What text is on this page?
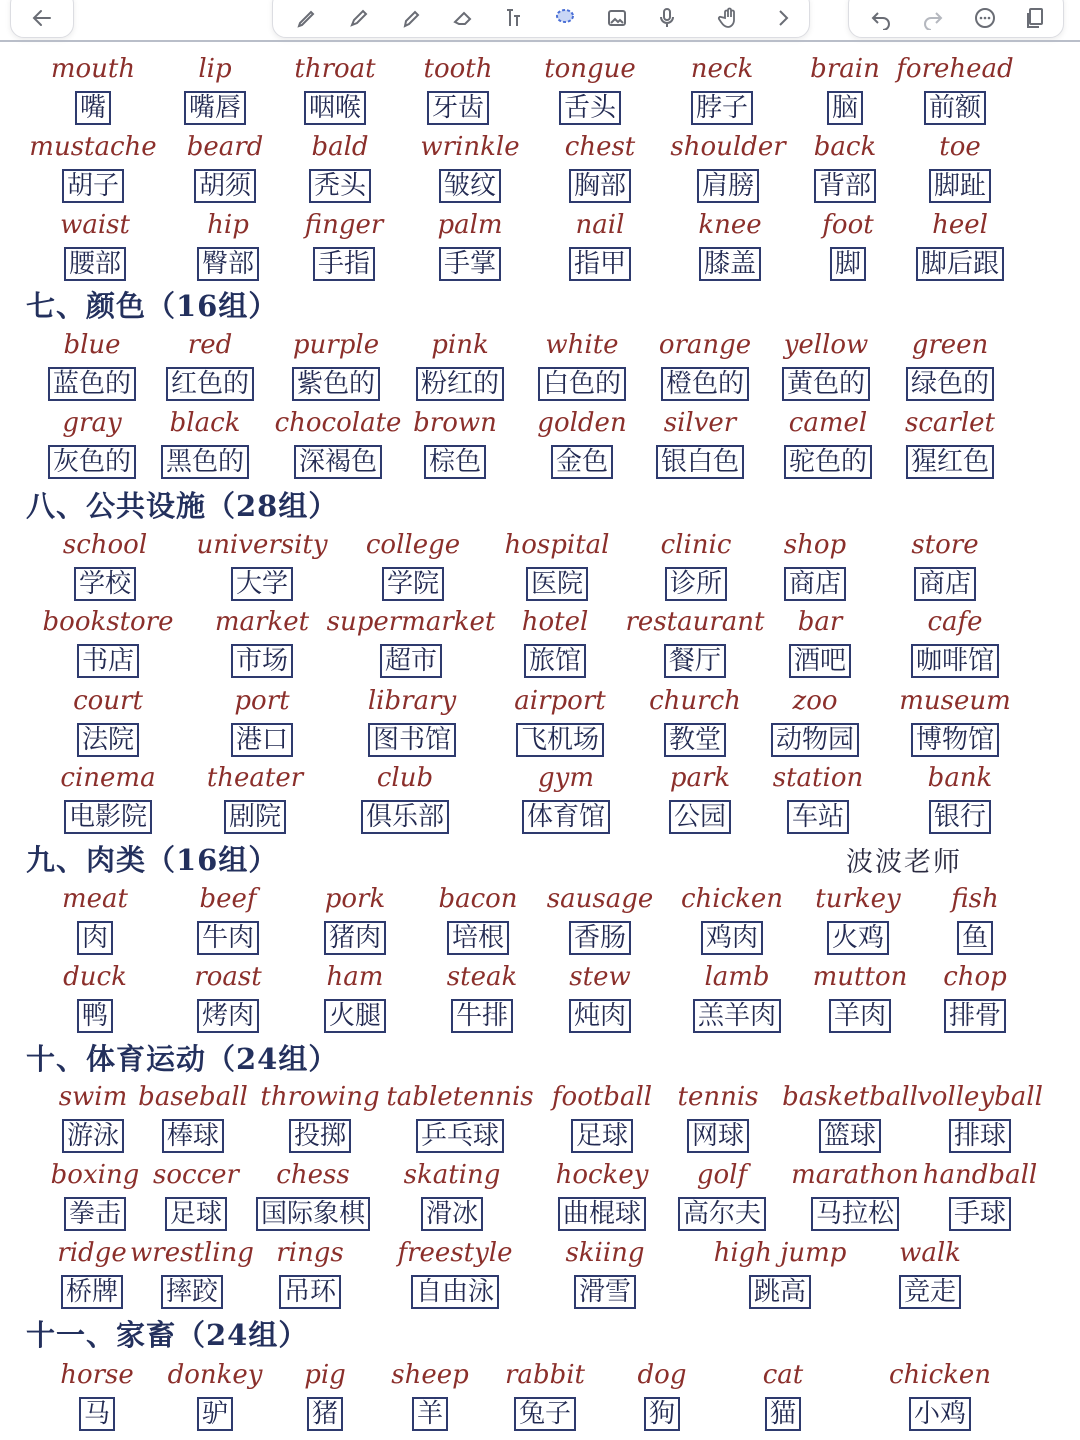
七、颜色（16组）
八、公共设施（28组）
九、肉类（16组）
十、体育运动（24组）
十一、家畜（24组）
波波老师
mouth
嘴
lip
嘴唇
throat
咽喉
tooth
牙齿
tongue
舌头
neck
脖子
brain
脑
forehead
前额
mustache
胡子
beard
胡须
bald
秃头
wrinkle
皱纹
chest
胸部
shoulder
肩膀
back
背部
toe
脚趾
waist
腰部
hip
臀部
finger
手指
palm
手掌
nail
指甲
knee
膝盖
foot
脚
heel
脚后跟
blue
蓝色的
red
红色的
purple
紫色的
pink
粉红的
white
白色的
orange
橙色的
yellow
黄色的
green
绿色的
gray
灰色的
black
黑色的
chocolate
深褐色
brown
棕色
golden
金色
silver
银白色
camel
驼色的
scarlet
猩红色
school
学校
university
大学
college
学院
hospital
医院
clinic
诊所
shop
商店
store
商店
bookstore
书店
market
市场
supermarket
超市
hotel
旅馆
restaurant
餐厅
bar
酒吧
cafe
咖啡馆
court
法院
port
港口
library
图书馆
airport
飞机场
church
教堂
zoo
动物园
museum
博物馆
cinema
电影院
theater
剧院
club
俱乐部
gym
体育馆
park
公园
station
车站
bank
银行
meat
肉
beef
牛肉
pork
猪肉
bacon
培根
sausage
香肠
chicken
鸡肉
turkey
火鸡
fish
鱼
duck
鸭
roast
烤肉
ham
火腿
steak
牛排
stew
炖肉
lamb
羔羊肉
mutton
羊肉
chop
排骨
swim
游泳
baseball
棒球
throwing
投掷
tabletennis
乒乓球
football
足球
tennis
网球
basketball
篮球
volleyball
排球
boxing
拳击
soccer
足球
chess
国际象棋
skating
滑冰
hockey
曲棍球
golf
高尔夫
marathon
马拉松
handball
手球
ridge
桥牌
wrestling
摔跤
rings
吊环
freestyle
自由泳
skiing
滑雪
high jump
跳高
walk
竞走
horse
马
donkey
驴
pig
猪
sheep
羊
rabbit
兔子
dog
狗
cat
猫
chicken
小鸡
